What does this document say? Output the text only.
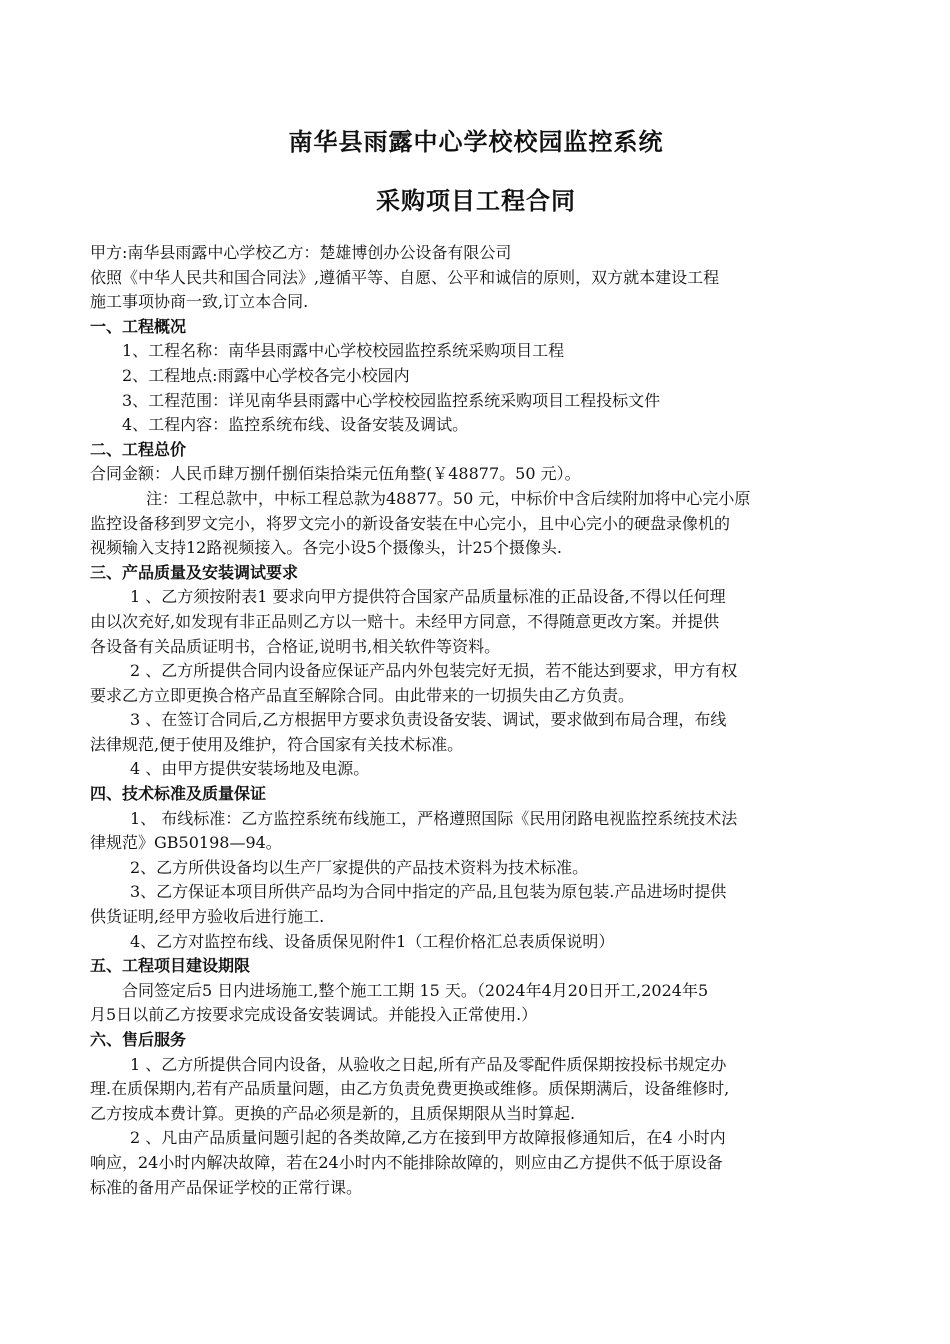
南华县雨露中心学校校园监控系统
采购项目工程合同
甲方:南华县雨露中心学校乙方：楚雄博创办公设备有限公司
依照《中华人民共和国合同法》,遵循平等、自愿、公平和诚信的原则，双方就本建设工程
施工事项协商一致,订立本合同.
一、工程概况
1、工程名称：南华县雨露中心学校校园监控系统采购项目工程
2、工程地点:雨露中心学校各完小校园内
3、工程范围：详见南华县雨露中心学校校园监控系统采购项目工程投标文件
4、工程内容：监控系统布线、设备安装及调试。
二、工程总价
合同金额：人民币肆万捌仟捌佰柒拾柒元伍角整(￥48877。50 元）。
注：工程总款中，中标工程总款为48877。50 元，中标价中含后续附加将中心完小原
监控设备移到罗文完小，将罗文完小的新设备安装在中心完小，且中心完小的硬盘录像机的
视频输入支持12路视频接入。各完小设5个摄像头，计25个摄像头.
三、产品质量及安装调试要求
1 、乙方须按附表1 要求向甲方提供符合国家产品质量标准的正品设备,不得以任何理
由以次充好,如发现有非正品则乙方以一赔十。未经甲方同意，不得随意更改方案。并提供
各设备有关品质证明书，合格证,说明书,相关软件等资料。
2 、乙方所提供合同内设备应保证产品内外包装完好无损，若不能达到要求，甲方有权
要求乙方立即更换合格产品直至解除合同。由此带来的一切损失由乙方负责。
3 、在签订合同后,乙方根据甲方要求负责设备安装、调试，要求做到布局合理，布线
法律规范,便于使用及维护，符合国家有关技术标准。
4 、由甲方提供安装场地及电源。
四、技术标准及质量保证
1、 布线标准：乙方监控系统布线施工，严格遵照国际《民用闭路电视监控系统技术法
律规范》GB50198—94。
2、乙方所供设备均以生产厂家提供的产品技术资料为技术标准。
3、乙方保证本项目所供产品均为合同中指定的产品,且包装为原包装.产品进场时提供
供货证明,经甲方验收后进行施工.
4、乙方对监控布线、设备质保见附件1（工程价格汇总表质保说明）
五、工程项目建设期限
合同签定后5 日内进场施工,整个施工工期 15 天。（2024年4月20日开工,2024年5
月5日以前乙方按要求完成设备安装调试。并能投入正常使用.）
六、售后服务
1 、乙方所提供合同内设备，从验收之日起,所有产品及零配件质保期按投标书规定办
理.在质保期内,若有产品质量问题，由乙方负责免费更换或维修。质保期满后，设备维修时,
乙方按成本费计算。更换的产品必须是新的，且质保期限从当时算起.
2 、凡由产品质量问题引起的各类故障,乙方在接到甲方故障报修通知后，在4 小时内
响应，24小时内解决故障，若在24小时内不能排除故障的，则应由乙方提供不低于原设备
标准的备用产品保证学校的正常行课。
